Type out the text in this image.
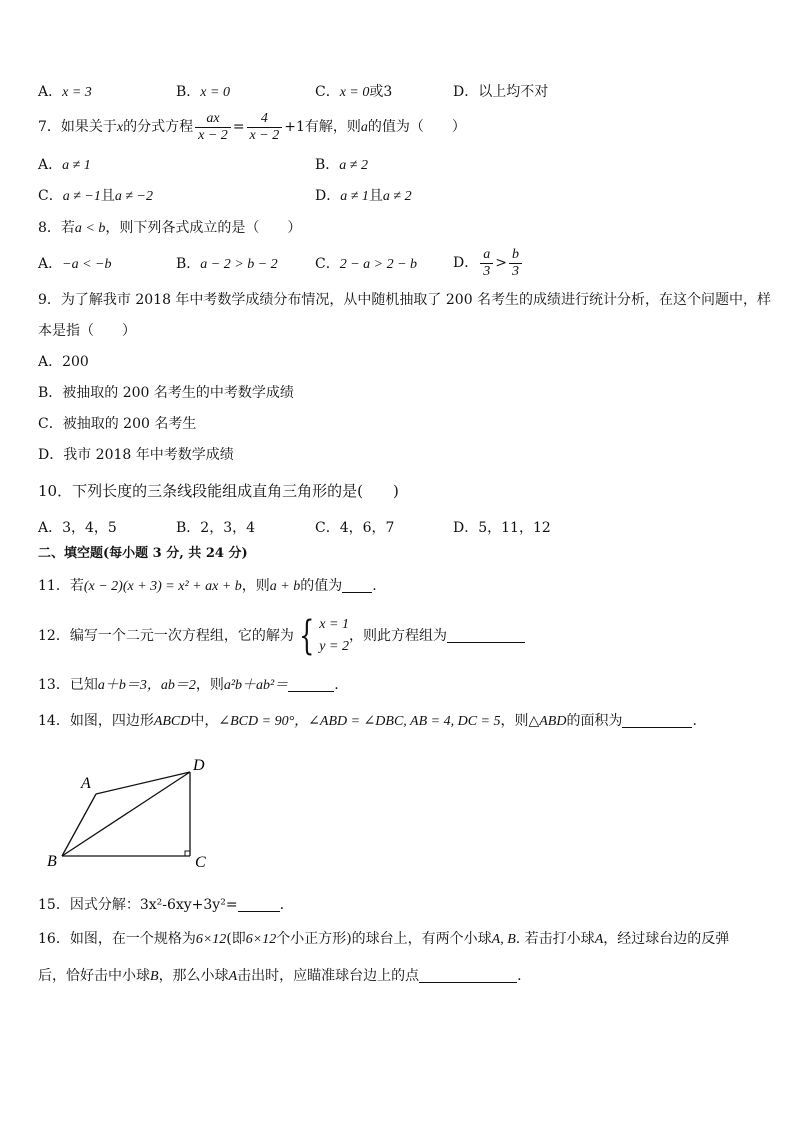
A．x = 3	B．x = 0	C．x = 0或3	D．以上均不对
7．如果关于x的分式方程 $\frac{ax}{x - 2} = \frac{4}{x - 2} +1$有解，则a的值为（　　）
A．a ≠ 1	B．a ≠ 2
C．a ≠ −1且a ≠ −2	D．a ≠ 1且a ≠ 2
8．若a < b，则下列各式成立的是（　　）
A．−a < −b	B．a − 2 > b − 2	C．2 − a > 2 − b	D． $\frac{a}{3} > \frac{b}{3}$
9．为了解我市 2018 年中考数学成绩分布情况，从中随机抽取了 200 名考生的成绩进行统计分析，在这个问题中，样
本是指（　　）
A．200
B．被抽取的 200 名考生的中考数学成绩
C．被抽取的 200 名考生
D．我市 2018 年中考数学成绩
10．下列长度的三条线段能组成直角三角形的是(　　)
A．3，4，5	B．2，3，4	C．4，6，7	D．5，11，12
二、填空题(每小题 3 分, 共 24 分)
11．若(x − 2)(x + 3) = x² + ax + b，则a + b的值为 .
12．编写一个二元一次方程组，它的解为 { x = 1
y = 2
，则此方程组为
13．已知a＋b＝3，ab＝2，则a²b＋ab²＝	.
14．如图，四边形ABCD中，∠BCD = 90°，∠ABD = ∠DBC, AB = 4, DC = 5，则△ABD的面积为	.
A
B	C
D
15．因式分解：3x²-6xy+3y²=	.
16．如图，在一个规格为6×12(即6×12个小正方形)的球台上，有两个小球A, B. 若击打小球A，经过球台边的反弹
后，恰好击中小球B，那么小球A击出时，应瞄准球台边上的点	.
